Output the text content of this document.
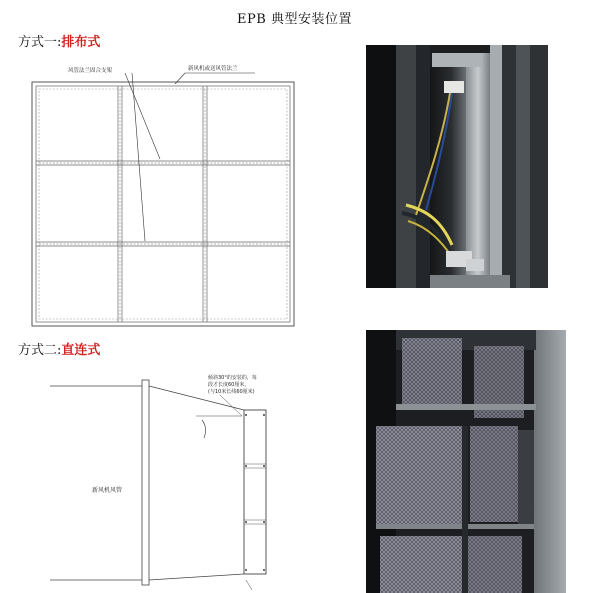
EPB 典型安装位置
方式一:排布式
风管法兰固合支架	新风机或送风管法兰
方式二:直连式
倾斜30°的安装的，每
段才长度60厘米，
(与10米长线60厘米)
新风机风管
